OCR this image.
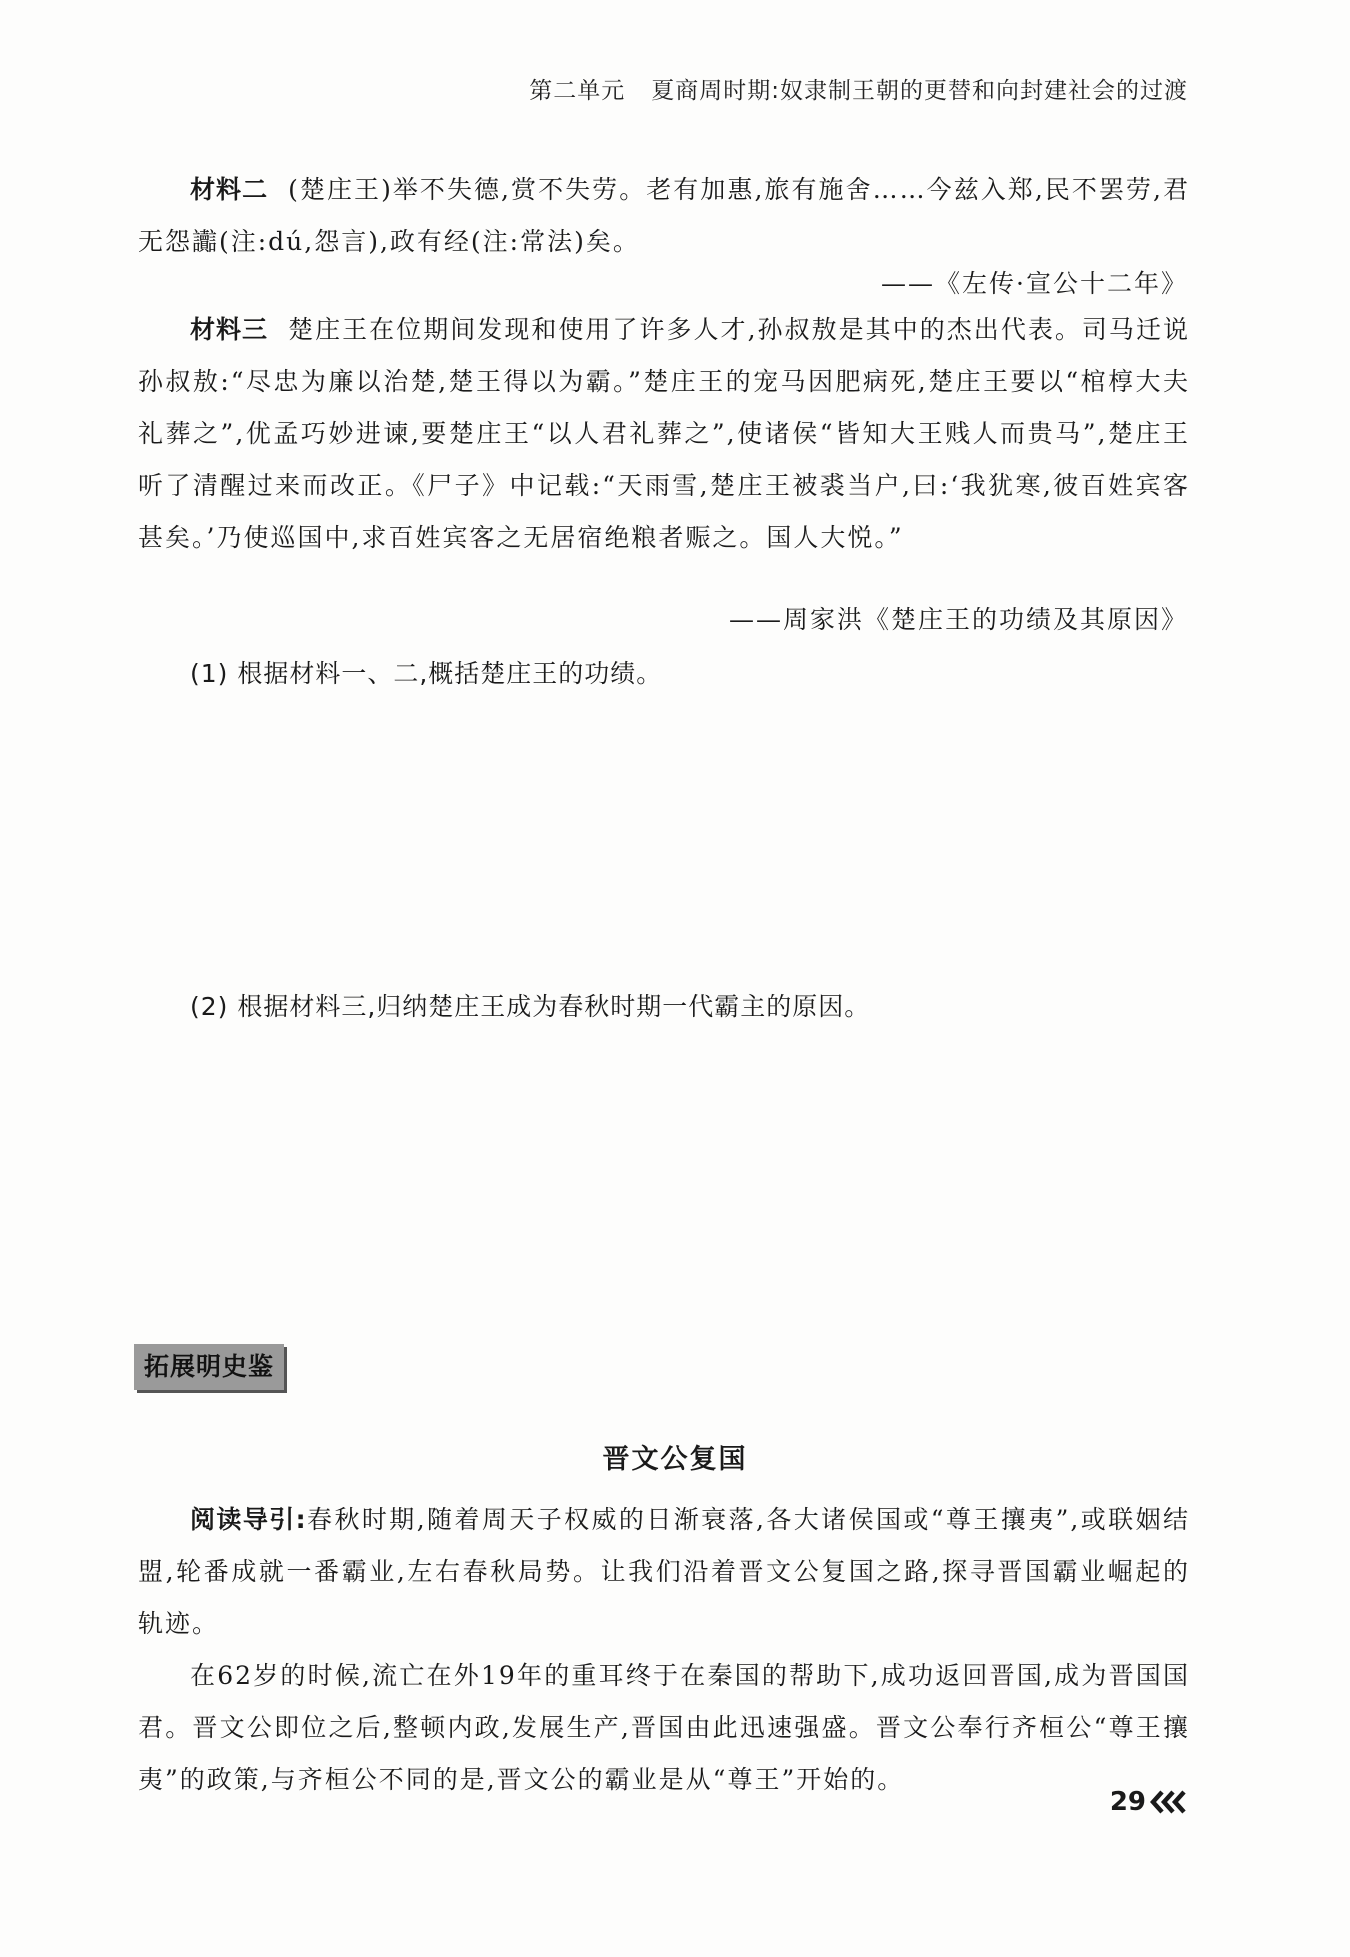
第二单元 夏商周时期:奴隶制王朝的更替和向封建社会的过渡
材料二 (楚庄王)举不失德,赏不失劳。老有加惠,旅有施舍……今兹入郑,民不罢劳,君无怨讟(注:dú,怨言),政有经(注:常法)矣。
——《左传·宣公十二年》
材料三 楚庄王在位期间发现和使用了许多人才,孙叔敖是其中的杰出代表。司马迁说孙叔敖:“尽忠为廉以治楚,楚王得以为霸。”楚庄王的宠马因肥病死,楚庄王要以“棺椁大夫礼葬之”,优孟巧妙进谏,要楚庄王“以人君礼葬之”,使诸侯“皆知大王贱人而贵马”,楚庄王听了清醒过来而改正。《尸子》中记载:“天雨雪,楚庄王被裘当户,曰:‘我犹寒,彼百姓宾客甚矣。’乃使巡国中,求百姓宾客之无居宿绝粮者赈之。国人大悦。”
——周家洪《楚庄王的功绩及其原因》
(1) 根据材料一、二,概括楚庄王的功绩。
(2) 根据材料三,归纳楚庄王成为春秋时期一代霸主的原因。
拓展明史鉴
晋文公复国
阅读导引:春秋时期,随着周天子权威的日渐衰落,各大诸侯国或“尊王攘夷”,或联姻结盟,轮番成就一番霸业,左右春秋局势。让我们沿着晋文公复国之路,探寻晋国霸业崛起的轨迹。
在62岁的时候,流亡在外19年的重耳终于在秦国的帮助下,成功返回晋国,成为晋国国君。晋文公即位之后,整顿内政,发展生产,晋国由此迅速强盛。晋文公奉行齐桓公“尊王攘夷”的政策,与齐桓公不同的是,晋文公的霸业是从“尊王”开始的。
29
